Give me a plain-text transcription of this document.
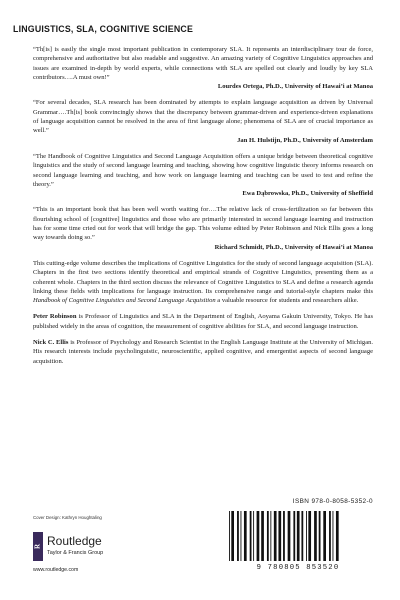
LINGUISTICS, SLA, COGNITIVE SCIENCE

“Th[is] is easily the single most important publication in contemporary SLA. It represents an interdisciplinary tour de force, comprehensive and authoritative but also readable and suggestive. An amazing variety of Cognitive Linguistics approaches and issues are examined in-depth by world experts, while connections with SLA are spelled out clearly and loudly by key SLA contributors….A must own!”

Lourdes Ortega, Ph.D., University of Hawai’i at Manoa

“For several decades, SLA research has been dominated by attempts to explain language acquisition as driven by Universal Grammar….Th[is] book convincingly shows that the discrepancy between grammar-driven and experience-driven explanations of language acquisition cannot be resolved in the area of first language alone; phenomena of SLA are of crucial importance as well.”

Jan H. Hulstijn, Ph.D., University of Amsterdam

“The Handbook of Cognitive Linguistics and Second Language Acquisition offers a unique bridge between theoretical cognitive linguistics and the study of second language learning and teaching, showing how cognitive linguistic theory informs research on second language learning and teaching, and how work on language learning and teaching can be used to test and refine the theory.”

Ewa Dąbrowska, Ph.D., University of Sheffield

“This is an important book that has been well worth waiting for….The relative lack of cross-fertilization so far between this flourishing school of [cognitive] linguistics and those who are primarily interested in second language learning and instruction has for some time cried out for work that will bridge the gap. This volume edited by Peter Robinson and Nick Ellis goes a long way towards doing so.”

Richard Schmidt, Ph.D., University of Hawai’i at Manoa

This cutting-edge volume describes the implications of Cognitive Linguistics for the study of second language acquisition (SLA). Chapters in the first two sections identify theoretical and empirical strands of Cognitive Linguistics, presenting them as a coherent whole. Chapters in the third section discuss the relevance of Cognitive Linguistics to SLA and define a research agenda linking these fields with implications for language instruction. Its comprehensive range and tutorial-style chapters make this Handbook of Cognitive Linguistics and Second Language Acquisition a valuable resource for students and researchers alike.

Peter Robinson is Professor of Linguistics and SLA in the Department of English, Aoyama Gakuin University, Tokyo. He has published widely in the areas of cognition, the measurement of cognitive abilities for SLA, and second language instruction.

Nick C. Ellis is Professor of Psychology and Research Scientist in the English Language Institute at the University of Michigan. His research interests include psycholinguistic, neuroscientific, applied cognitive, and emergentist aspects of second language acquisition.

Cover Design: Kathryn Houghtaling
R Routledge
Taylor & Francis Group
www.routledge.com
ISBN 978-0-8058-5352-0
9 780805 853520
